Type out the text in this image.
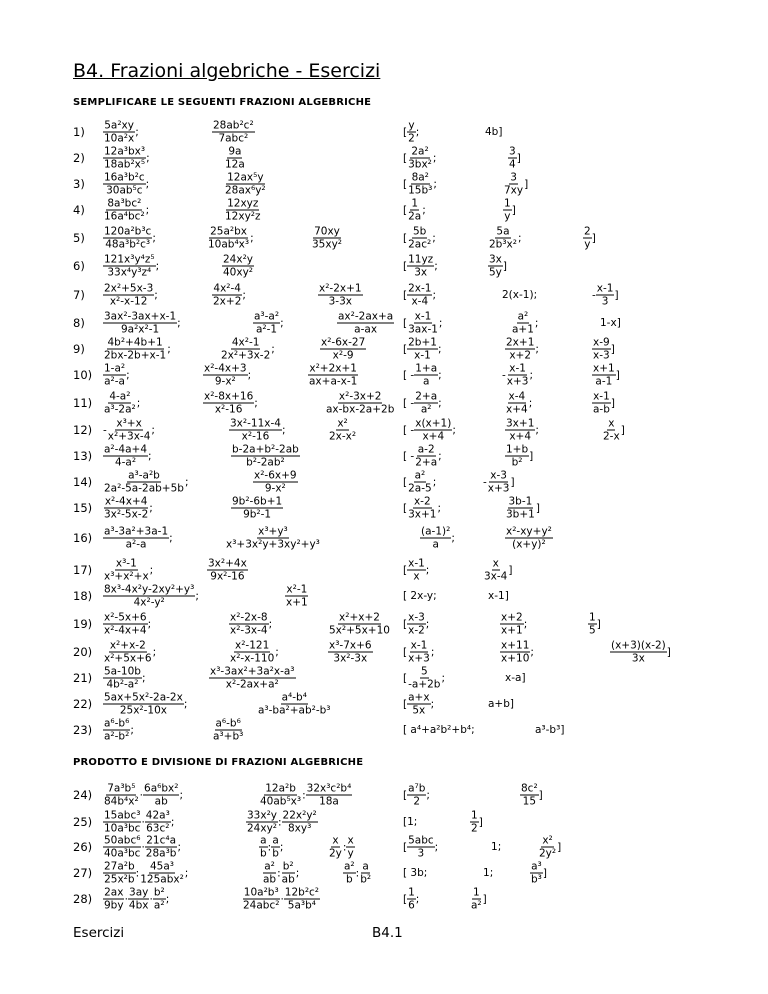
B4. Frazioni algebriche - Esercizi
SEMPLIFICARE LE SEGUENTI FRAZIONI ALGEBRICHE
PRODOTTO E DIVISIONE DI FRAZIONI ALGEBRICHE
$1) \frac{\text{5a²xy}}{\text{10a²x}}$ ;	$\frac{\text{28ab²c²}}{\text{7abc²}}$	[ $\frac{y}{2}$ ;	4b ]
$2) \frac{\text{12a³bx³}}{\text{18ab²x⁵}}$ ;	$\frac{9a}{12a}$	[ $\frac{\text{2a²}}{\text{3bx²}}$ ;	$\frac{3}{4}$ ]
$3) \frac{\text{16a³b²c}}{\text{30ab⁵c}}$ ;	$\frac{\text{12ax⁵y}}{\text{28ax⁶y²}}$	[ $\frac{\text{8a²}}{\text{15b³}}$ ;	$\frac{3}{7xy}$ ]
$4) \frac{\text{8a³bc²}}{\text{16a⁴bc²}}$ ;	$\frac{\text{12xyz}}{\text{12xy²z}}$	[ $\frac{1}{2a}$ ;	$\frac{1}{y}$ ]
$5) \frac{\text{120a²b³c}}{\text{48a³b²c³}}$ ;	$\frac{\text{25a²bx}}{\text{10ab⁴x³}}$ ;	$\frac{70xy}{\text{35xy²}}$	[ $\frac{5b}{\text{2ac²}}$ ;	$\frac{5a}{\text{2b³x²}}$ ;	$\frac{2}{y}$ ]
$6) \frac{\text{121x³y⁴z⁵}}{\text{33x⁴y³z⁴}}$ ;	$\frac{\text{24x²y}}{\text{40xy²}}$	[ $\frac{11yz}{3x}$ ;	$\frac{3x}{5y}$ ]
$7) \frac{\text{2x²+5x-3}}{\text{x²-x-12}}$ ;	$\frac{\text{4x²-4}}{2x+2}$ ;	$\frac{\text{x²-2x+1}}{3-3x}$	[ $\frac{2x-1}{x-4}$ ;	2(x-1) ;	- $\frac{x-1}{3}$ ]
$8) \frac{\text{3ax²-3ax+x-1}}{\text{9a²x²-1}}$ ;	$\frac{\text{a³-a²}}{\text{a²-1}}$ ;	$\frac{\text{ax²-2ax+a}}{a-ax}$ [ $\frac{x-1}{3ax-1}$ ;	$\frac{\text{a²}}{a+1}$ ;	1-x ]
$9) \frac{\text{4b²+4b+1}}{2bx-2b+x-1}$ ;	$\frac{\text{4x²-1}}{\text{2x²+3x-2}}$ ;	$\frac{\text{x²-6x-27}}{\text{x²-9}}$	[ $\frac{2b+1}{x-1}$ ;	$\frac{2x+1}{x+2}$ ;	$\frac{x-9}{x-3}$ ]
$10) \frac{\text{1-a²}}{\text{a²-a}}$ ;	$\frac{\text{x²-4x+3}}{\text{9-x²}}$ ;	$\frac{\text{x²+2x+1}}{ax+a-x-1}$	[ - $\frac{1+a}{a}$ ;	- $\frac{x-1}{x+3}$ ;	$\frac{x+1}{a-1}$ ]
$11) \frac{\text{4-a²}}{\text{a³-2a²}}$ ;	$\frac{\text{x²-8x+16}}{\text{x²-16}}$ ;	$\frac{\text{x²-3x+2}}{ax-bx-2a+2b}$ [ - $\frac{2+a}{\text{a²}}$ ;	$\frac{x-4}{x+4}$ ;	$\frac{x-1}{a-b}$ ]
$12) - \frac{\text{x³+x}}{\text{x²+3x-4}}$ ;	$\frac{\text{3x²-11x-4}}{\text{x²-16}}$ ;	$\frac{\text{x²}}{\text{2x-x²}}$	[ - $\frac{x(x+1)}{x+4}$ ;	$\frac{3x+1}{x+4}$ ;	$\frac{x}{2-x}$ ]
$13) \frac{\text{a²-4a+4}}{\text{4-a²}}$ ;	$\frac{\text{b-2a+b²-2ab}}{\text{b²-2ab²}}$	[ - $\frac{a-2}{2+a}$ ;	$\frac{1+b}{\text{b²}}$ ]
$14) \frac{\text{a³-a²b}}{\text{2a²-5a-2ab+5b}}$ ;	$\frac{\text{x²-6x+9}}{\text{9-x²}}$	[ $\frac{\text{a²}}{2a-5}$ ;	- $\frac{x-3}{x+3}$ ]
$15) \frac{\text{x²-4x+4}}{\text{3x²-5x-2}}$ ;	$\frac{\text{9b²-6b+1}}{\text{9b²-1}}$	[ $\frac{x-2}{3x+1}$ ;	$\frac{3b-1}{3b+1}$ ]
$16) \frac{\text{a³-3a²+3a-1}}{\text{a²-a}}$ ;	$\frac{\text{x³+y³}}{\text{x³+3x²y+3xy²+y³}}$	$\frac{\text{(a-1)²}}{a}$ ;	$\frac{\text{x²-xy+y²}}{\text{(x+y)²}}$
$17) \frac{\text{x³-1}}{\text{x³+x²+x}}$ ;	$\frac{\text{3x²+4x}}{\text{9x²-16}}$	[ $\frac{x-1}{x}$ ;	$\frac{x}{3x-4}$ ]
$18) \frac{\text{8x³-4x²y-2xy²+y³}}{\text{4x²-y²}}$ ;	$\frac{\text{x²-1}}{x+1}$	[ 2x-y ;	x-1 ]
$19) \frac{\text{x²-5x+6}}{\text{x²-4x+4}}$ ;	$\frac{\text{x²-2x-8}}{\text{x²-3x-4}}$ ;	$\frac{\text{x²+x+2}}{\text{5x²+5x+10}}$ [ $\frac{x-3}{x-2}$ ;	$\frac{x+2}{x+1}$ ;	$\frac{1}{5}$ ]
$20) \frac{\text{x²+x-2}}{\text{x²+5x+6}}$ ;	$\frac{\text{x²-121}}{\text{x²-x-110}}$ ;	$\frac{\text{x³-7x+6}}{\text{3x²-3x}}$	[ $\frac{x-1}{x+3}$ ;	$\frac{x+11}{x+10}$ ;	$\frac{(x+3)(x-2)}{3x}$ ]
$21) \frac{5a-10b}{\text{4b²-a²}}$ ;	$\frac{\text{x³-3ax²+3a²x-a³}}{\text{x²-2ax+a²}}$	[ $\frac{5}{-a+2b}$ ;	x-a ]
$22) \frac{\text{5ax+5x²-2a-2x}}{\text{25x²-10x}}$ ;	$\frac{\text{a⁴-b⁴}}{\text{a³-ba²+ab²-b³}}$	[ $\frac{a+x}{5x}$ ;	a+b ]
$23) \frac{\text{a⁶-b⁶}}{\text{a²-b²}}$ ;	$\frac{\text{a⁶-b⁶}}{\text{a³+b³}}$	[ a⁴+a²b²+b⁴ ;	a³-b³ ]
$24) \frac{\text{7a³b⁵}}{\text{84b⁴x²}} \cdot \frac{\text{6a⁶bx²}}{ab}$ ;	$\frac{\text{12a²b}}{\text{40ab⁵x³}}$ : $\frac{\text{32x³c²b⁴}}{18a}$	[ $\frac{\text{a⁷b}}{2}$ ;	$\frac{\text{8c²}}{15}$ ]
$25) \frac{\text{15abc³}}{\text{10a³bc}} \cdot \frac{\text{42a³}}{\text{63c²}}$ ;	$\frac{\text{33x²y}}{\text{24xy²}}$ : $\frac{\text{22x²y²}}{\text{8xy³}}$	[1 ;	$\frac{1}{2}$ ]
$26) \frac{\text{50abc⁶}}{\text{40a³bc}} \cdot \frac{\text{21c⁴a}}{\text{28a³b}}$ ;	$\frac{a}{b}$ : $\frac{a}{b}$ ;	$\frac{x}{2y}$ : $\frac{x}{y}$	[ $\frac{\text{5abc}}{3}$ ;	1 ;	$\frac{\text{x²}}{\text{2y²}}$ ]
$27) \frac{\text{27a²b}}{\text{25x²b}}$ : $\frac{\text{45a³}}{\text{125abx²}}$ ;	$\frac{\text{a²}}{ab}$ : $\frac{\text{b²}}{ab}$ ;	$\frac{\text{a²}}{b}$ : $\frac{a}{\text{b²}}$	[ 3b ;	1 ;	$\frac{\text{a³}}{\text{b³}}$ ]
$28) \frac{2ax}{9by} \cdot \frac{3ay}{4bx} \cdot \frac{\text{b²}}{\text{a²}}$ ;	$\frac{\text{10a²b³}}{\text{24abc²}} \cdot \frac{\text{12b²c²}}{\text{5a³b⁴}}$	[ $\frac{1}{6}$ ;	$\frac{1}{\text{a²}}$ ]
Esercizi	B4.1
